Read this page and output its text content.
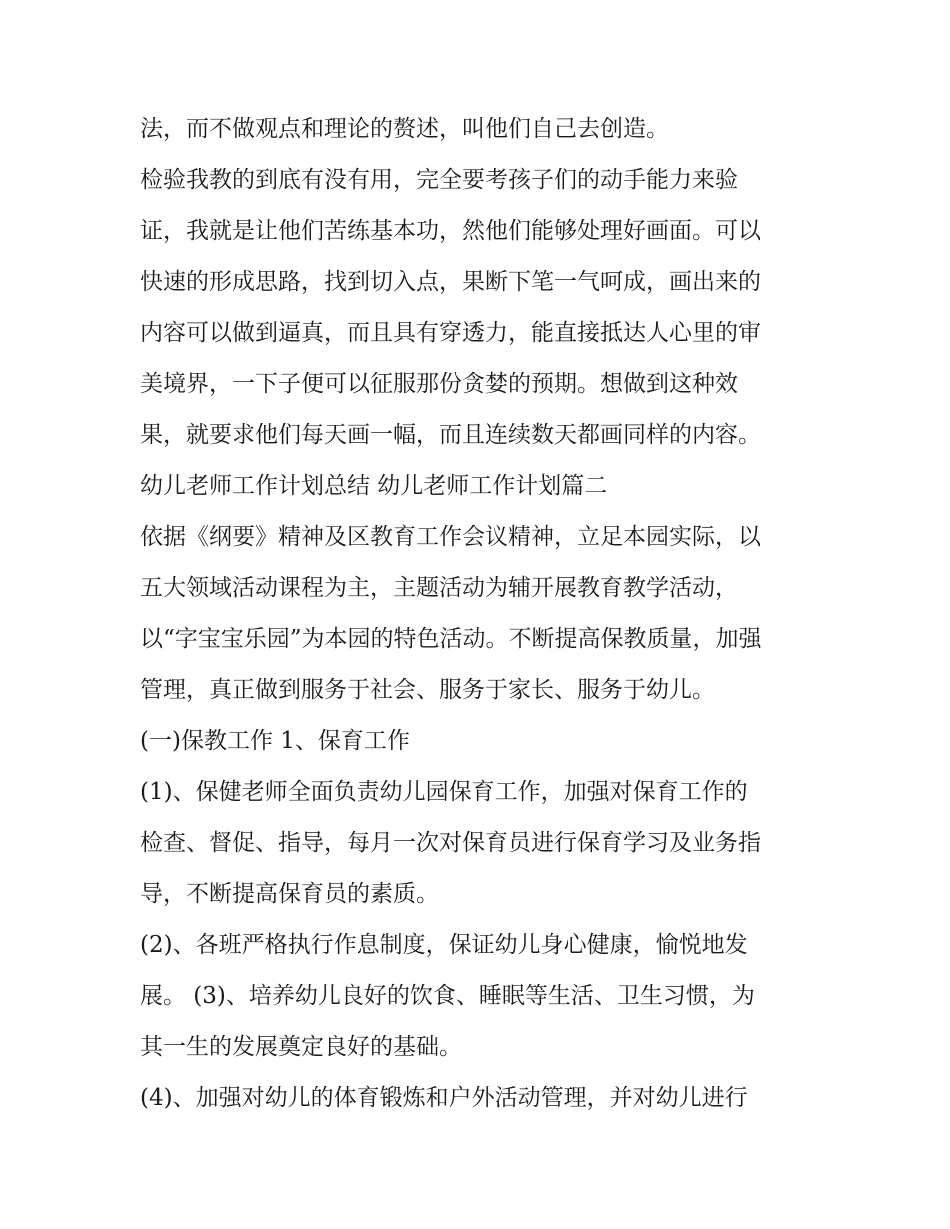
法，而不做观点和理论的赘述，叫他们自己去创造。
检验我教的到底有没有用，完全要考孩子们的动手能力来验
证，我就是让他们苦练基本功，然他们能够处理好画面。可以
快速的形成思路，找到切入点，果断下笔一气呵成，画出来的
内容可以做到逼真，而且具有穿透力，能直接抵达人心里的审
美境界，一下子便可以征服那份贪婪的预期。想做到这种效
果，就要求他们每天画一幅，而且连续数天都画同样的内容。
幼儿老师工作计划总结 幼儿老师工作计划篇二
依据《纲要》精神及区教育工作会议精神，立足本园实际，以
五大领域活动课程为主，主题活动为辅开展教育教学活动，
以“字宝宝乐园”为本园的特色活动。不断提高保教质量，加强
管理，真正做到服务于社会、服务于家长、服务于幼儿。
(一)保教工作 1、保育工作
(1)、保健老师全面负责幼儿园保育工作，加强对保育工作的
检查、督促、指导，每月一次对保育员进行保育学习及业务指
导，不断提高保育员的素质。
(2)、各班严格执行作息制度，保证幼儿身心健康，愉悦地发
展。 (3)、培养幼儿良好的饮食、睡眠等生活、卫生习惯，为
其一生的发展奠定良好的基础。
(4)、加强对幼儿的体育锻炼和户外活动管理，并对幼儿进行
